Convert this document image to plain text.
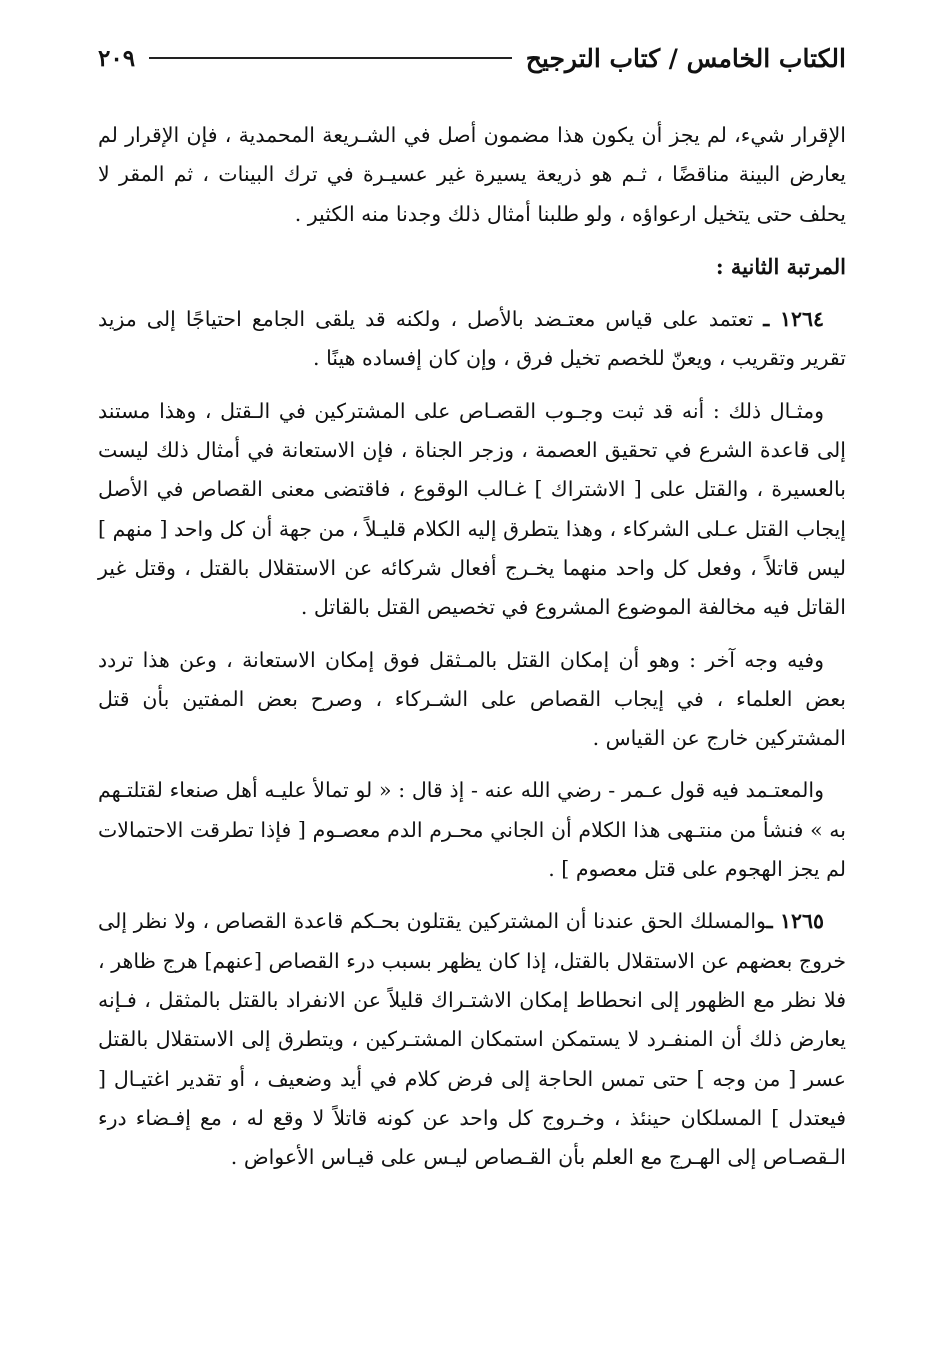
الكتاب الخامس / كتاب الترجيح
٢٠٩

الإقرار شيء، لم يجز أن يكون هذا مضمون أصل في الشـريعة المحمدية ، فإن الإقرار لم يعارض البينة مناقضًا ، ثـم هو ذريعة يسيرة غير عسيـرة في ترك البينات ، ثم المقر لا يحلف حتى يتخيل ارعواؤه ، ولو طلبنا أمثال ذلك وجدنا منه الكثير .

المرتبة الثانية :

١٢٦٤ ـ تعتمد على قياس معتـضد بالأصل ، ولكنه قد يلقى الجامع احتياجًا إلى مزيد تقرير وتقريب ، ويعنّ للخصم تخيل فرق ، وإن كان إفساده هينًا .

ومثـال ذلك : أنه قد ثبت وجـوب القصـاص على المشتركين في الـقتل ، وهذا مستند إلى قاعدة الشرع في تحقيق العصمة ، وزجر الجناة ، فإن الاستعانة في أمثال ذلك ليست بالعسيرة ، والقتل على [ الاشتراك ] غـالب الوقوع ، فاقتضى معنى القصاص في الأصل إيجاب القتل عـلى الشركاء ، وهذا يتطرق إليه الكلام قليـلاً ، من جهة أن كل واحد [ منهم ] ليس قاتلاً ، وفعل كل واحد منهما يخـرج أفعال شركائه عن الاستقلال بالقتل ، وقتل غير القاتل فيه مخالفة الموضوع المشروع في تخصيص القتل بالقاتل .

وفيه وجه آخر : وهو أن إمكان القتل بالمـثقل فوق إمكان الاستعانة ، وعن هذا تردد بعض العلماء ، في إيجاب القصاص على الشـركاء ، وصرح بعض المفتين بأن قتل المشتركين خارج عن القياس .

والمعتـمد فيه قول عـمر - رضي الله عنه - إذ قال : « لو تمالأ عليـه أهل صنعاء لقتلتـهم به » فنشأ من منتـهى هذا الكلام أن الجاني محـرم الدم معصـوم [ فإذا تطرقت الاحتمالات لم يجز الهجوم على قتل معصوم ] .

١٢٦٥ ـوالمسلك الحق عندنا أن المشتركين يقتلون بحـكم قاعدة القصاص ، ولا نظر إلى خروج بعضهم عن الاستقلال بالقتل، إذا كان يظهر بسبب درء القصاص [عنهم] هرج ظاهر ، فلا نظر مع الظهور إلى انحطاط إمكان الاشتـراك قليلاً عن الانفراد بالقتل بالمثقل ، فـإنه يعارض ذلك أن المنفـرد لا يستمكن استمكان المشتـركين ، ويتطرق إلى الاستقلال بالقتل عسر [ من وجه ] حتى تمس الحاجة إلى فرض كلام في أيد وضعيف ، أو تقدير اغتيـال [ فيعتدل ] المسلكان حينئذ ، وخـروج كل واحد عن كونه قاتلاً لا وقع له ، مع إفـضاء درء الـقصـاص إلى الهـرج مع العلم بأن القـصاص ليـس على قيـاس الأعواض .
